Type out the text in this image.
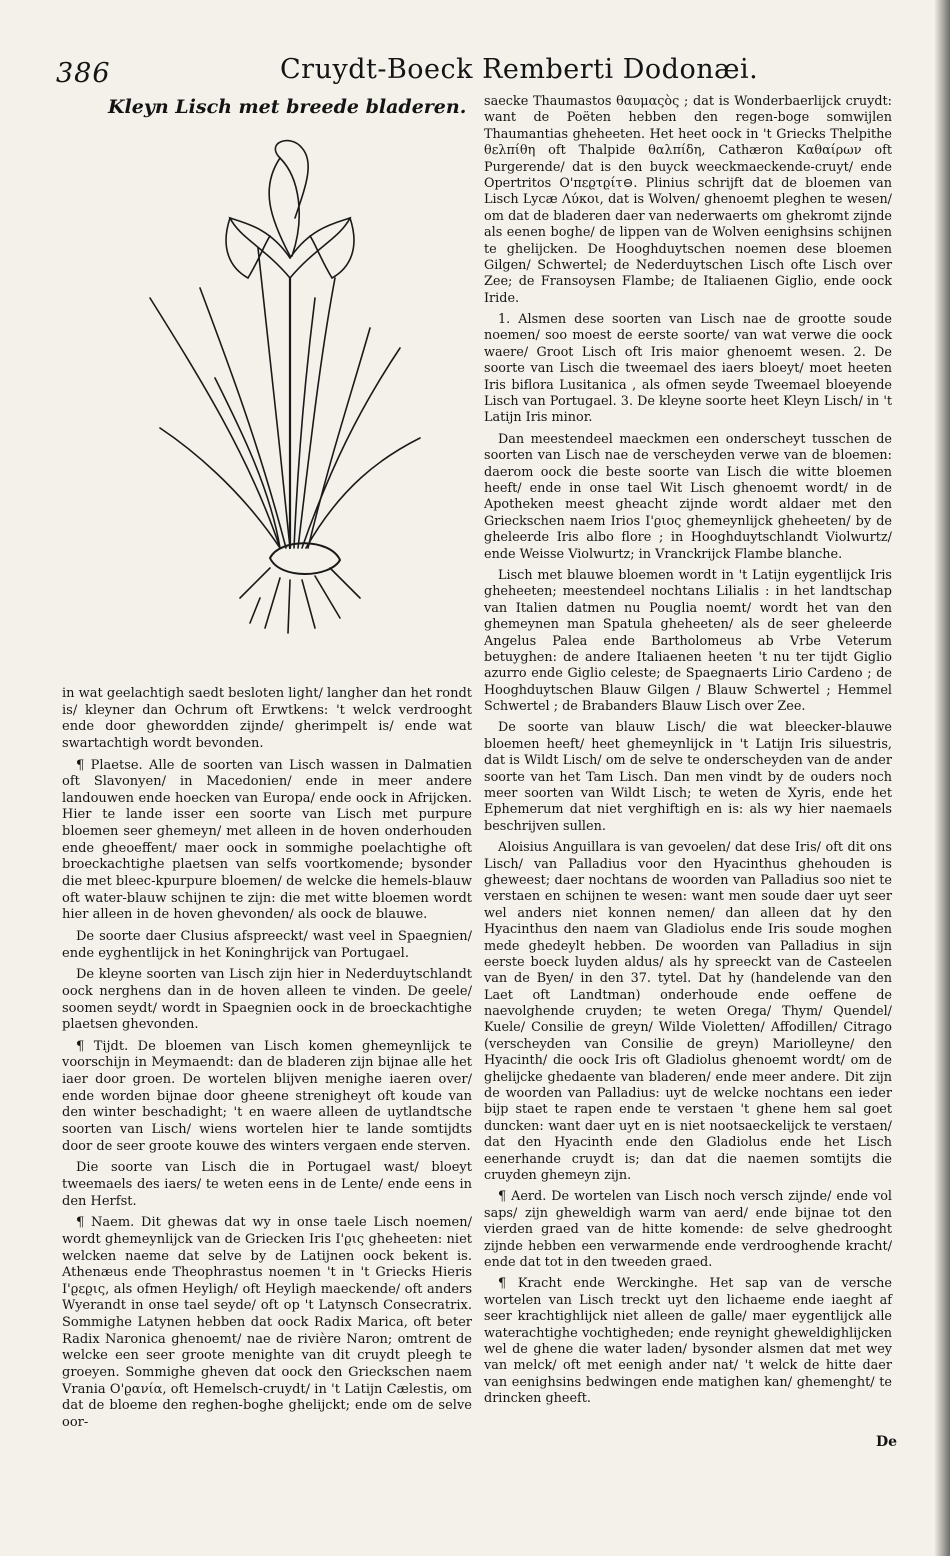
386	Cruydt-Boeck Remberti Dodonæi.
Kleyn Lisch met breede bladeren. saecke Thaumastos θαυμαςὸς ; dat is Wonderbaerlijck cruydt: want de Poëten hebben den regen-boge somwijlen Thaumantias gheheeten. Het heet oock in 't Griecks Thelpithe θελπίθη oft Thalpide θαλπίδη, Cathæron Καθαίρων oft Purgerende/ dat is den buyck weeckmaeckende-cruyt/ ende Opertritos Ο'πεϱτϱίτ⊖. Plinius schrijft dat de bloemen van Lisch Lycæ Λύκοι, dat is Wolven/ ghenoemt pleghen te wesen/ om dat de bladeren daer van nederwaerts om ghekromt zijnde als eenen boghe/ de lippen van de Wolven eenighsins schijnen te ghelijcken. De Hooghduytschen noemen dese bloemen Gilgen/ Schwertel; de Nederduytschen Lisch ofte Lisch over Zee; de Fransoysen Flambe; de Italiaenen Giglio, ende oock Iride.

1. Alsmen dese soorten van Lisch nae de grootte soude noemen/ soo moest de eerste soorte/ van wat verwe die oock waere/ Groot Lisch oft Iris maior ghenoemt wesen. 2. De soorte van Lisch die tweemael des iaers bloeyt/ moet heeten Iris biflora Lusitanica , als ofmen seyde Tweemael bloeyende Lisch van Portugael. 3. De kleyne soorte heet Kleyn Lisch/ in 't Latijn Iris minor.

Dan meestendeel maeckmen een onderscheyt tusschen de soorten van Lisch nae de verscheyden verwe van de bloemen: daerom oock die beste soorte van Lisch die witte bloemen heeft/ ende in onse tael Wit Lisch ghenoemt wordt/ in de Apotheken meest gheacht zijnde wordt aldaer met den Grieckschen naem Irios Ι'ϱιος ghemeynlijck gheheeten/ by de gheleerde Iris albo flore ; in Hooghduytschlandt Violwurtz/ ende Weisse Violwurtz; in Vranckrijck Flambe blanche.

Lisch met blauwe bloemen wordt in 't Latijn eygentlijck Iris gheheeten; meestendeel nochtans Lilialis : in het landtschap van Italien datmen nu Pouglia noemt/ wordt het van den ghemeynen man Spatula gheheeten/ als de seer gheleerde Angelus Palea ende Bartholomeus ab Vrbe Veterum betuyghen: de andere Italiaenen heeten 't nu ter tijdt Giglio azurro ende Giglio celeste; de Spaegnaerts Lirio Cardeno ; de Hooghduytschen Blauw Gilgen / Blauw Schwertel ; Hemmel Schwertel ; de Brabanders Blauw Lisch over Zee.

De soorte van blauw Lisch/ die wat bleecker-blauwe bloemen heeft/ heet ghemeynlijck in 't Latijn Iris siluestris, dat is Wildt Lisch/ om de selve te onderscheyden van de ander soorte van het Tam Lisch. Dan men vindt by de ouders noch meer soorten van Wildt Lisch; te weten de Xyris, ende het Ephemerum dat niet verghiftigh en is: als wy hier naemaels beschrijven sullen.

Aloisius Anguillara is van gevoelen/ dat dese Iris/ oft dit ons Lisch/ van Palladius voor den Hyacinthus ghehouden is gheweest; daer nochtans de woorden van Palladius soo niet te verstaen en schijnen te wesen: want men soude daer uyt seer wel anders niet konnen nemen/ dan alleen dat hy den Hyacinthus den naem van Gladiolus ende Iris soude moghen mede ghedeylt hebben. De woorden van Palladius in sijn eerste boeck luyden aldus/ als hy spreeckt van de Casteelen van de Byen/ in den 37. tytel. Dat hy (handelende van den Laet oft Landtman) onderhoude ende oeffene de naevolghende cruyden; te weten Orega/ Thym/ Quendel/ Kuele/ Consilie de greyn/ Wilde Violetten/ Affodillen/ Citrago (verscheyden van Consilie de greyn) Mariolleyne/ den Hyacinth/ die oock Iris oft Gladiolus ghenoemt wordt/ om de ghelijcke ghedaente van bladeren/ ende meer andere. Dit zijn de woorden van Palladius: uyt de welcke nochtans een ieder bijp staet te rapen ende te verstaen 't ghene hem sal goet duncken: want daer uyt en is niet nootsaeckelijck te verstaen/ dat den Hyacinth ende den Gladiolus ende het Lisch eenerhande cruydt is; dan dat die naemen somtijts die cruyden ghemeyn zijn.

¶ Aerd. De wortelen van Lisch noch versch zijnde/ ende vol saps/ zijn gheweldigh warm van aerd/ ende bijnae tot den vierden graed van de hitte komende: de selve ghedrooght zijnde hebben een verwarmende ende verdrooghende kracht/ ende dat tot in den tweeden graed.

¶ Kracht ende Werckinghe. Het sap van de versche wortelen van Lisch treckt uyt den lichaeme ende iaeght af seer krachtighlijck niet alleen de galle/ maer eygentlijck alle waterachtighe vochtigheden; ende reynight gheweldighlijcken wel de ghene die water laden/ bysonder alsmen dat met wey van melck/ oft met eenigh ander nat/ 't welck de hitte daer van eenighsins bedwingen ende matighen kan/ ghemenght/ te drincken gheeft.

in wat geelachtigh saedt besloten light/ langher dan het rondt is/ kleyner dan Ochrum oft Erwtkens: 't welck verdrooght ende door ghewordden zijnde/ gherimpelt is/ ende wat swartachtigh wordt bevonden.

¶ Plaetse. Alle de soorten van Lisch wassen in Dalmatien oft Slavonyen/ in Macedonien/ ende in meer andere landouwen ende hoecken van Europa/ ende oock in Afrijcken. Hier te lande isser een soorte van Lisch met purpure bloemen seer ghemeyn/ met alleen in de hoven onderhouden ende gheoeffent/ maer oock in sommighe poelachtighe oft broeckachtighe plaetsen van selfs voortkomende; bysonder die met bleec-kpurpure bloemen/ de welcke die hemels-blauw oft water-blauw schijnen te zijn: die met witte bloemen wordt hier alleen in de hoven ghevonden/ als oock de blauwe.

De soorte daer Clusius afspreeckt/ wast veel in Spaegnien/ ende eyghentlijck in het Koninghrijck van Portugael.

De kleyne soorten van Lisch zijn hier in Nederduytschlandt oock nerghens dan in de hoven alleen te vinden. De geele/ soomen seydt/ wordt in Spaegnien oock in de broeckachtighe plaetsen ghevonden.

¶ Tijdt. De bloemen van Lisch komen ghemeynlijck te voorschijn in Meymaendt: dan de bladeren zijn bijnae alle het iaer door groen. De wortelen blijven menighe iaeren over/ ende worden bijnae door gheene strenigheyt oft koude van den winter beschadight; 't en waere alleen de uytlandtsche soorten van Lisch/ wiens wortelen hier te lande somtijdts door de seer groote kouwe des winters vergaen ende sterven.

Die soorte van Lisch die in Portugael wast/ bloeyt tweemaels des iaers/ te weten eens in de Lente/ ende eens in den Herfst.

¶ Naem. Dit ghewas dat wy in onse taele Lisch noemen/ wordt ghemeynlijck van de Griecken Iris Ι'ϱις gheheeten: niet welcken naeme dat selve by de Latijnen oock bekent is. Athenæus ende Theophrastus noemen 't in 't Griecks Hieris Ι'ϱεϱις, als ofmen Heyligh/ oft Heyligh maeckende/ oft anders Wyerandt in onse tael seyde/ oft op 't Latynsch Consecratrix. Sommighe Latynen hebben dat oock Radix Marica, oft beter Radix Naronica ghenoemt/ nae de rivière Naron; omtrent de welcke een seer groote menighte van dit cruydt pleegh te groeyen. Sommighe gheven dat oock den Grieckschen naem Vrania Ο'ϱανία, oft Hemelsch-cruydt/ in 't Latijn Cælestis, om dat de bloeme den reghen-boghe ghelijckt; ende om de selve oor-

De
